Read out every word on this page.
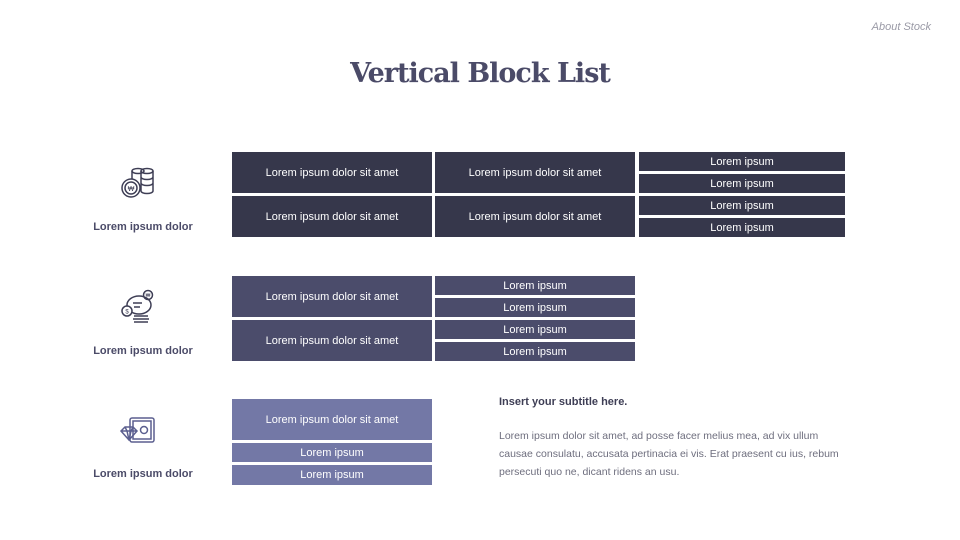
About Stock
Vertical Block List
₩
Lorem ipsum dolor
Lorem ipsum dolor sit amet	Lorem ipsum dolor sit amet
Lorem ipsum dolor sit amet	Lorem ipsum dolor sit amet
Lorem ipsum
Lorem ipsum
Lorem ipsum
Lorem ipsum
₩
$
Lorem ipsum dolor
Lorem ipsum dolor sit amet
Lorem ipsum dolor sit amet
Lorem ipsum
Lorem ipsum
Lorem ipsum
Lorem ipsum
Lorem ipsum dolor
Lorem ipsum dolor sit amet
Lorem ipsum
Lorem ipsum
Insert your subtitle here.
Lorem ipsum dolor sit amet, ad posse facer melius mea, ad vix ullum causae consulatu, accusata pertinacia ei vis. Erat praesent cu ius, rebum persecuti quo ne, dicant ridens an usu.
